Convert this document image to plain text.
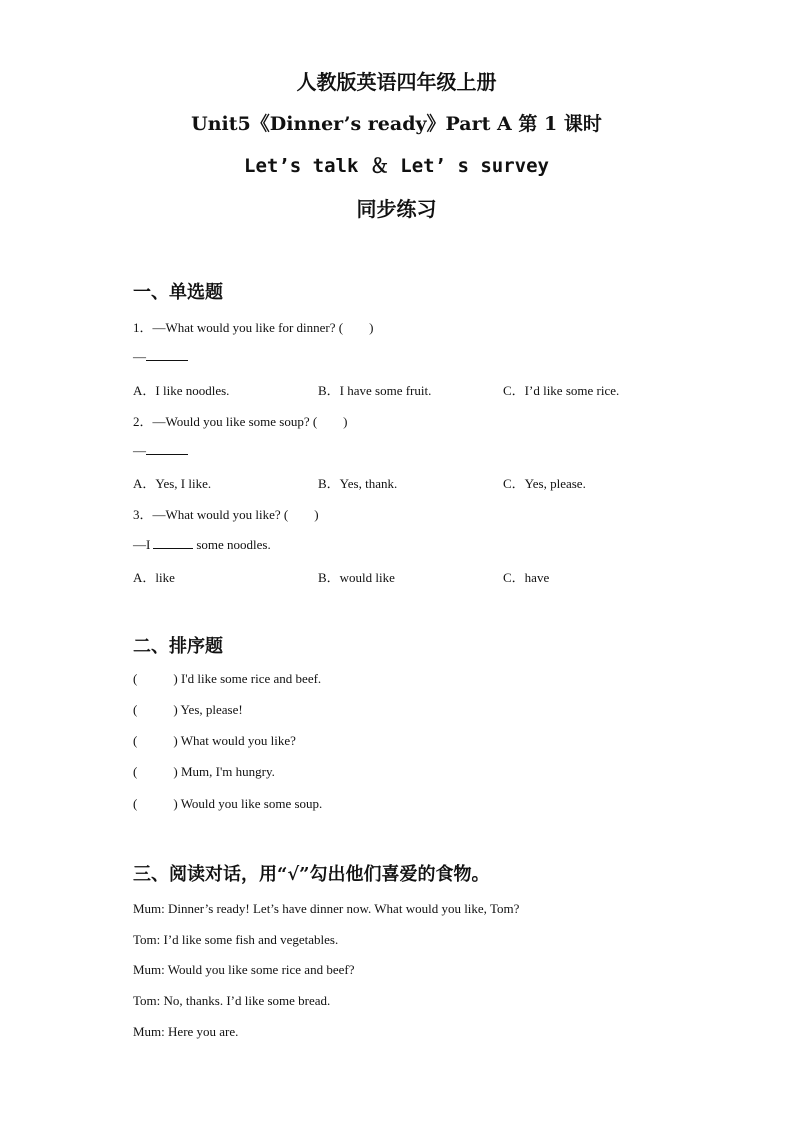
人教版英语四年级上册
Unit5《Dinner’s ready》Part A 第 1 课时
Let’s talk ＆ Let’ s survey
同步练习
一、单选题
1．—What would you like for dinner? (　　)
—
A．I like noodles.	B．I have some fruit.	C．I’d like some rice.
2．—Would you like some soup? (　　)
—
A．Yes, I like.	B．Yes, thank.	C．Yes, please.
3．—What would you like? (　　)
—I	some noodles.
A．like	B．would like	C．have
二、排序题
(	) I'd like some rice and beef.
(	) Yes, please!
(	) What would you like?
(	) Mum, I'm hungry.
(	) Would you like some soup.
三、阅读对话，用“√”勾出他们喜爱的食物。
Mum: Dinner’s ready! Let’s have dinner now. What would you like, Tom?
Tom: I’d like some fish and vegetables.
Mum: Would you like some rice and beef?
Tom: No, thanks. I’d like some bread.
Mum: Here you are.
